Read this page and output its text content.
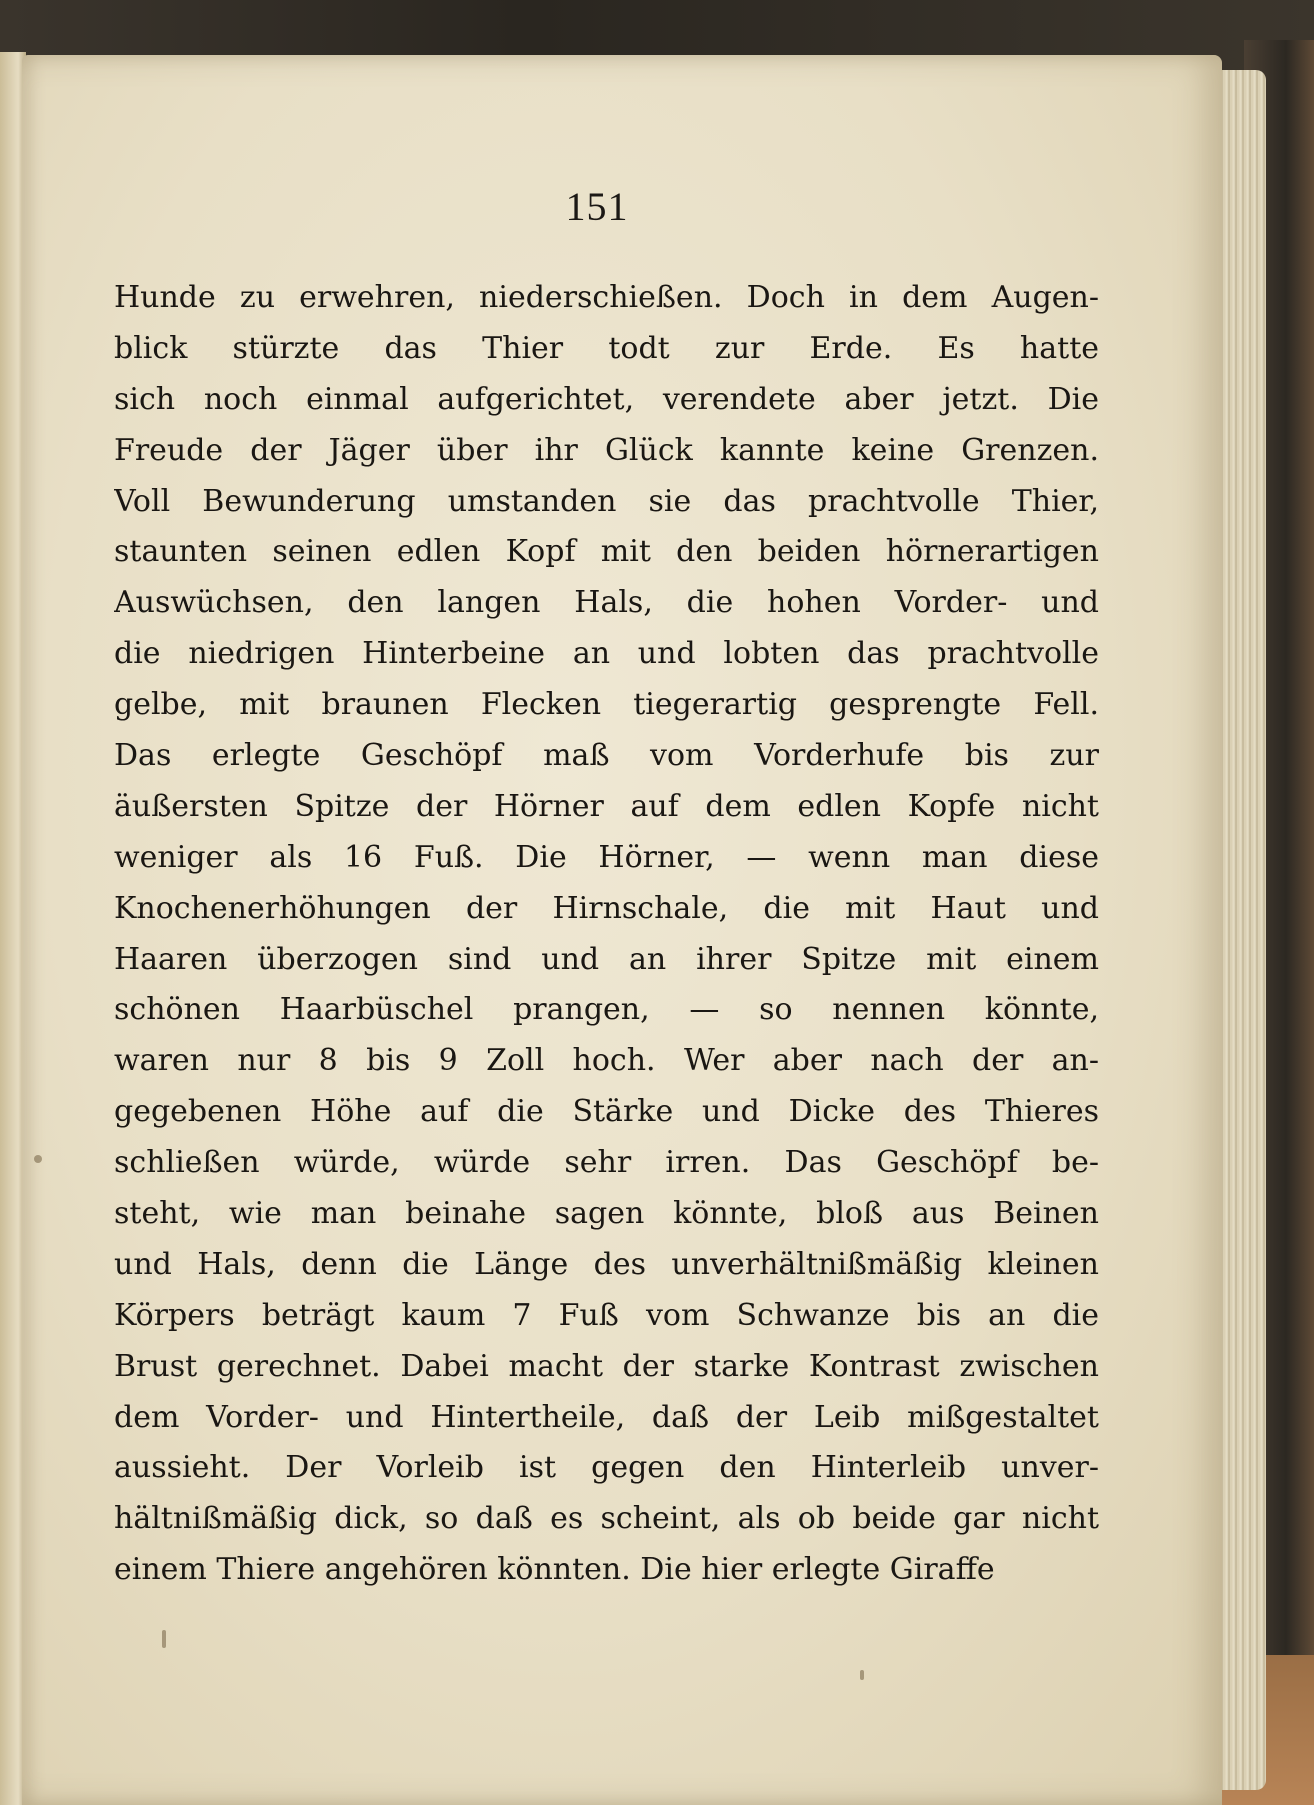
151
Hunde zu erwehren, niederschießen. Doch in dem Augen-
blick stürzte das Thier todt zur Erde. Es hatte
sich noch einmal aufgerichtet, verendete aber jetzt. Die
Freude der Jäger über ihr Glück kannte keine Grenzen.
Voll Bewunderung umstanden sie das prachtvolle Thier,
staunten seinen edlen Kopf mit den beiden hörnerartigen
Auswüchsen, den langen Hals, die hohen Vorder- und
die niedrigen Hinterbeine an und lobten das prachtvolle
gelbe, mit braunen Flecken tiegerartig gesprengte Fell.
Das erlegte Geschöpf maß vom Vorderhufe bis zur
äußersten Spitze der Hörner auf dem edlen Kopfe nicht
weniger als 16 Fuß. Die Hörner, — wenn man diese
Knochenerhöhungen der Hirnschale, die mit Haut und
Haaren überzogen sind und an ihrer Spitze mit einem
schönen Haarbüschel prangen, — so nennen könnte,
waren nur 8 bis 9 Zoll hoch. Wer aber nach der an-
gegebenen Höhe auf die Stärke und Dicke des Thieres
schließen würde, würde sehr irren. Das Geschöpf be-
steht, wie man beinahe sagen könnte, bloß aus Beinen
und Hals, denn die Länge des unverhältnißmäßig kleinen
Körpers beträgt kaum 7 Fuß vom Schwanze bis an die
Brust gerechnet. Dabei macht der starke Kontrast zwischen
dem Vorder- und Hintertheile, daß der Leib mißgestaltet
aussieht. Der Vorleib ist gegen den Hinterleib unver-
hältnißmäßig dick, so daß es scheint, als ob beide gar nicht
einem Thiere angehören könnten. Die hier erlegte Giraffe
